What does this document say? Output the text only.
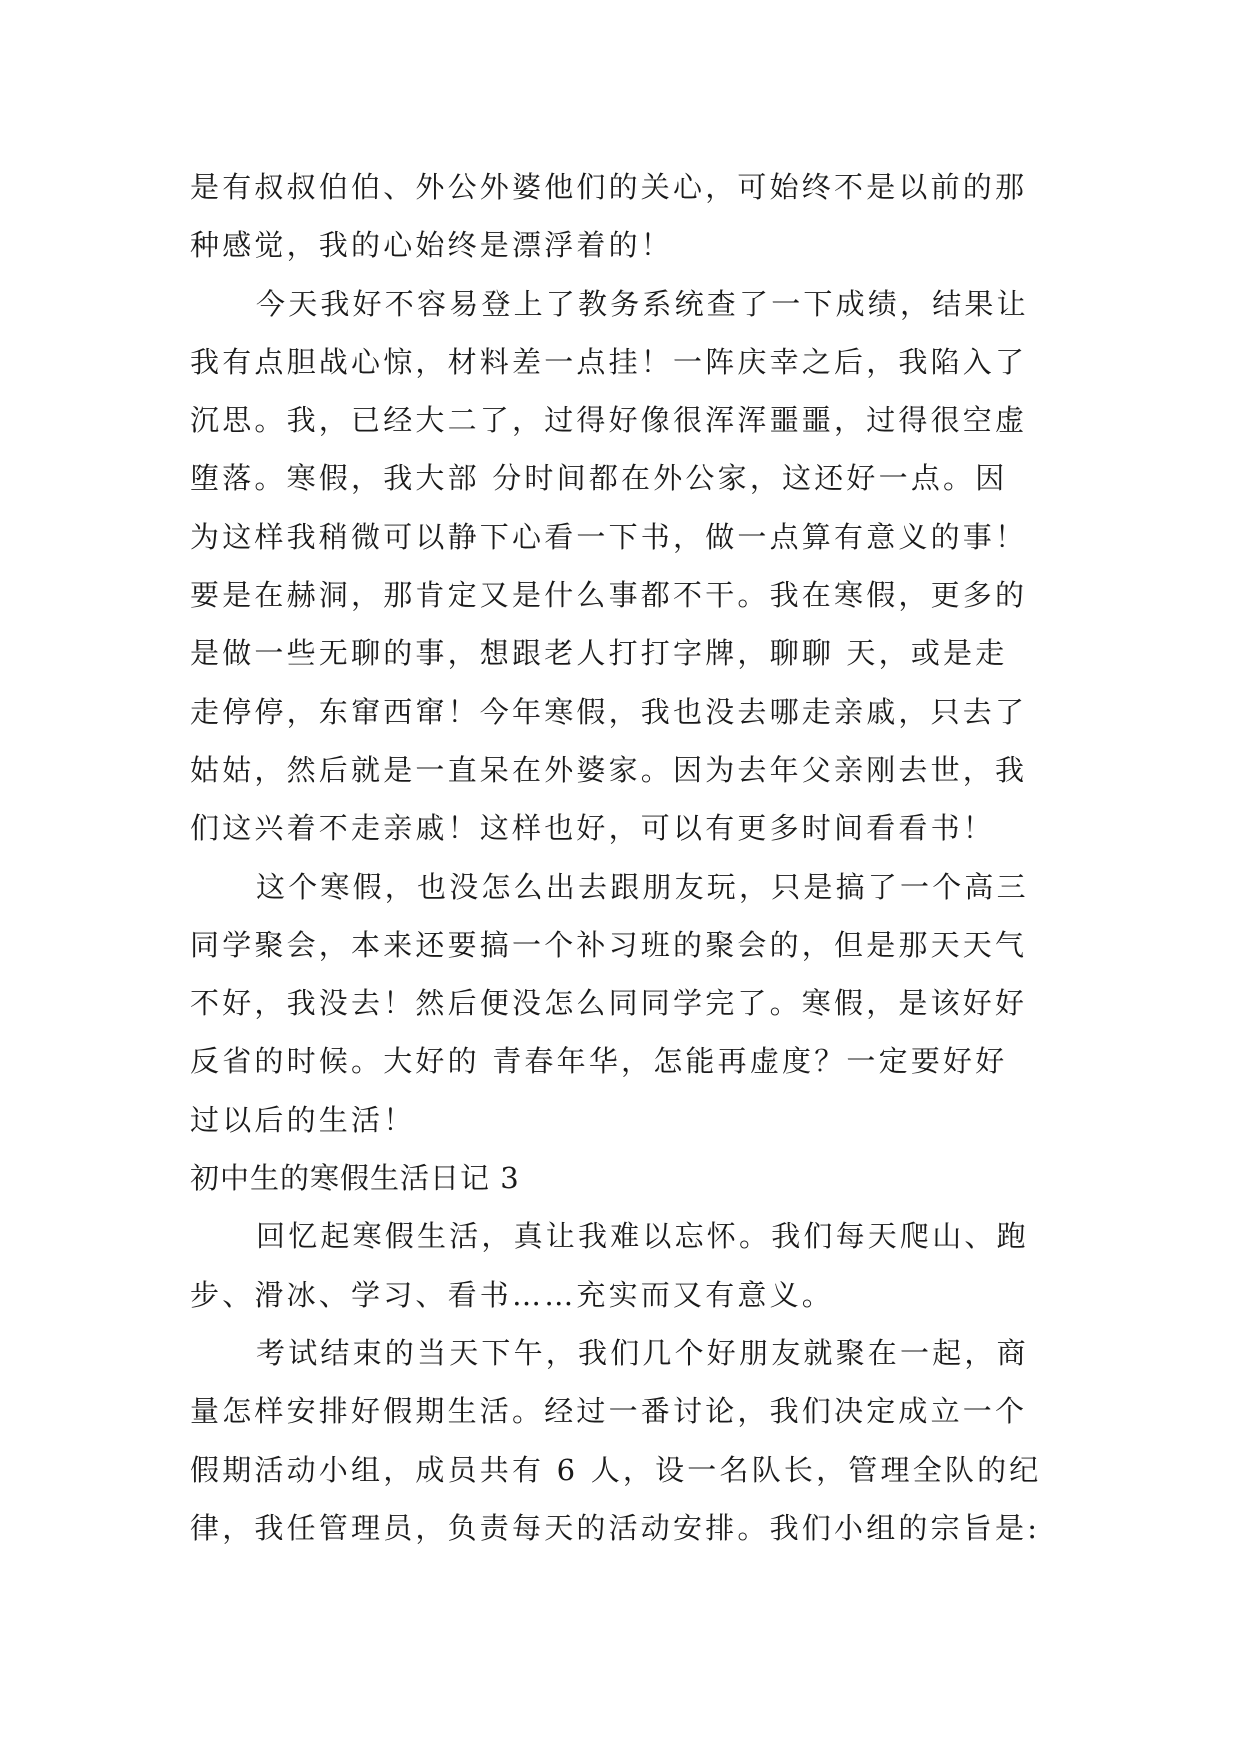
是有叔叔伯伯、外公外婆他们的关心，可始终不是以前的那
种感觉，我的心始终是漂浮着的！
今天我好不容易登上了教务系统查了一下成绩，结果让
我有点胆战心惊，材料差一点挂！一阵庆幸之后，我陷入了
沉思。我，已经大二了，过得好像很浑浑噩噩，过得很空虚
堕落。寒假，我大部 分时间都在外公家，这还好一点。因
为这样我稍微可以静下心看一下书，做一点算有意义的事！
要是在赫洞，那肯定又是什么事都不干。我在寒假，更多的
是做一些无聊的事，想跟老人打打字牌，聊聊 天，或是走
走停停，东窜西窜！今年寒假，我也没去哪走亲戚，只去了
姑姑，然后就是一直呆在外婆家。因为去年父亲刚去世，我
们这兴着不走亲戚！这样也好，可以有更多时间看看书！
这个寒假，也没怎么出去跟朋友玩，只是搞了一个高三
同学聚会，本来还要搞一个补习班的聚会的，但是那天天气
不好，我没去！然后便没怎么同同学完了。寒假，是该好好
反省的时候。大好的 青春年华，怎能再虚度？一定要好好
过以后的生活！
初中生的寒假生活日记 3
回忆起寒假生活，真让我难以忘怀。我们每天爬山、跑
步、滑冰、学习、看书……充实而又有意义。
考试结束的当天下午，我们几个好朋友就聚在一起，商
量怎样安排好假期生活。经过一番讨论，我们决定成立一个
假期活动小组，成员共有 6 人，设一名队长，管理全队的纪
律，我任管理员，负责每天的活动安排。我们小组的宗旨是:
